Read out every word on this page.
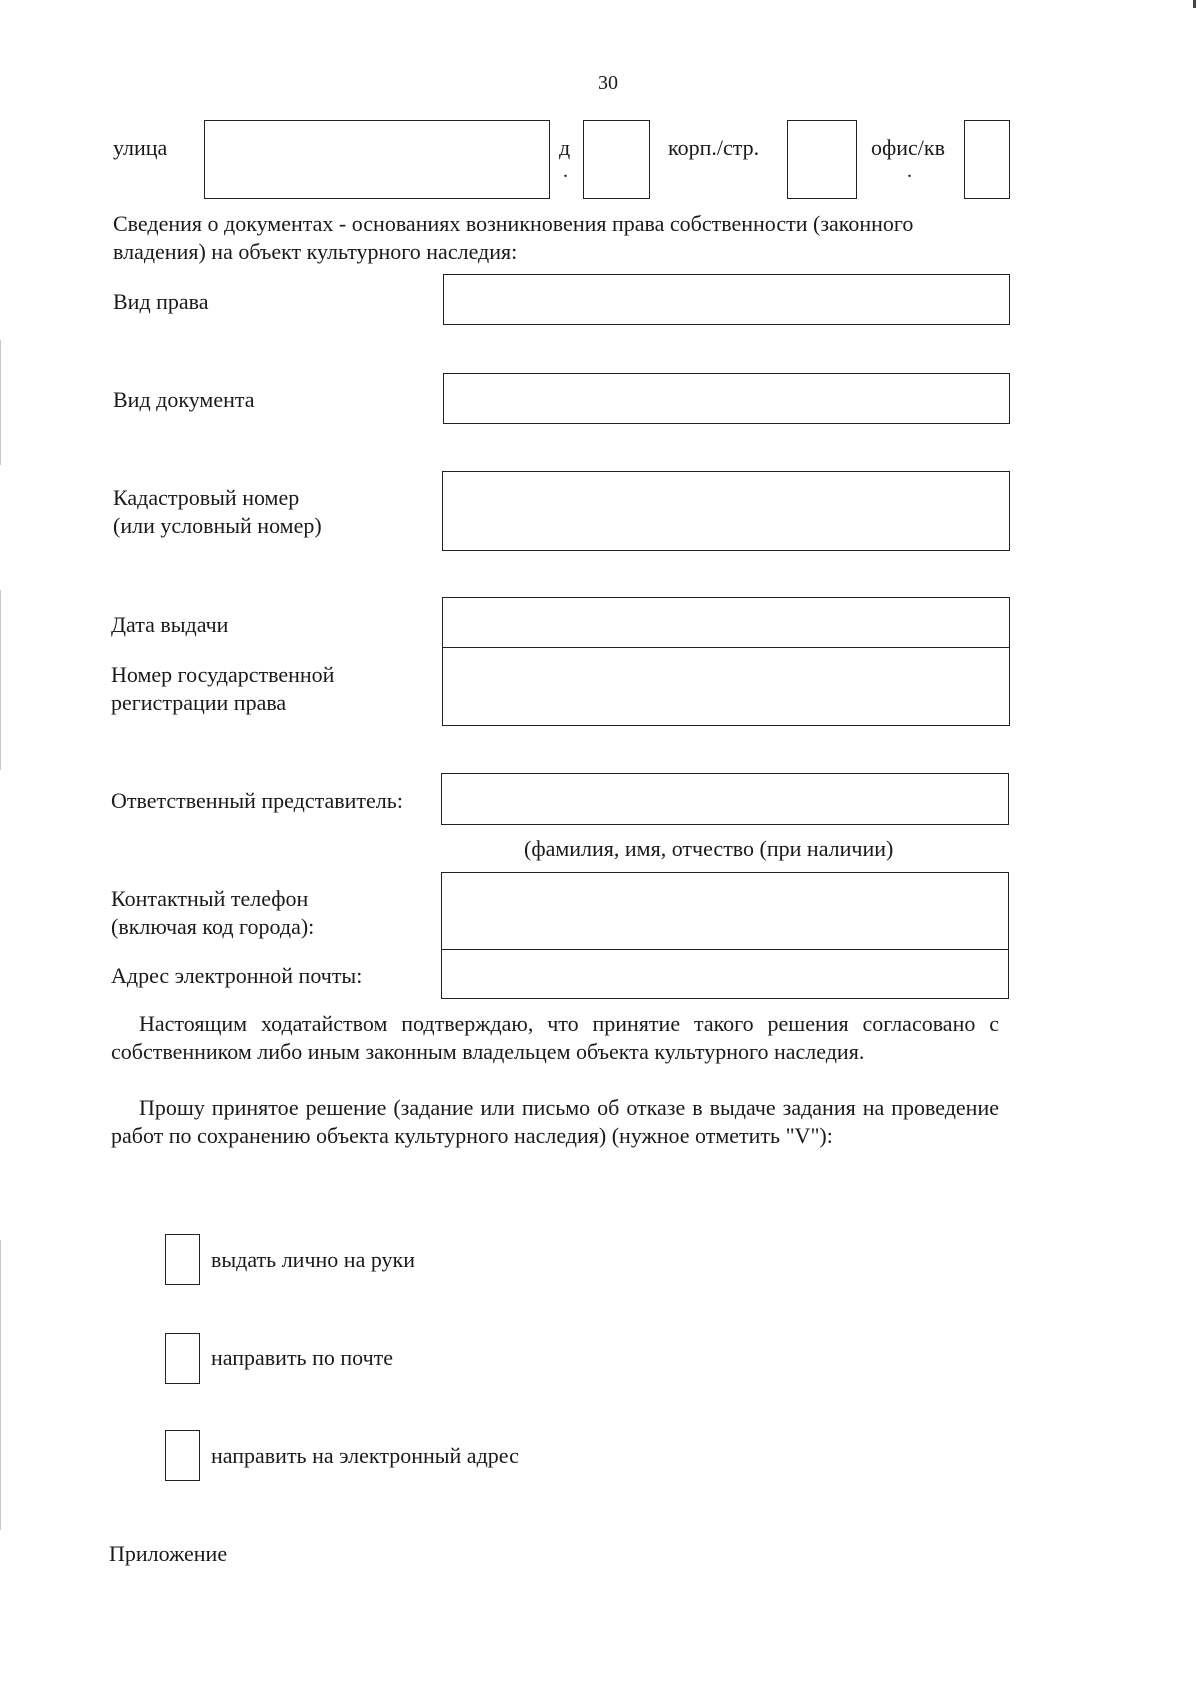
30
улица	д
.
корп./стр.	офис/кв
.
Сведения о документах - основаниях возникновения права собственности (законного
владения) на объект культурного наследия:
Вид права
Вид документа
Кадастровый номер
(или условный номер)
Дата выдачи
Номер государственной
регистрации права
Ответственный представитель:
(фамилия, имя, отчество (при наличии)
Контактный телефон
(включая код города):
Адрес электронной почты:
Настоящим ходатайством подтверждаю, что принятие такого решения согласовано с собственником либо иным законным владельцем объекта культурного наследия.
Прошу принятое решение (задание или письмо об отказе в выдаче задания на проведение работ по сохранению объекта культурного наследия) (нужное отметить "V"):
выдать лично на руки
направить по почте
направить на электронный адрес
Приложение
